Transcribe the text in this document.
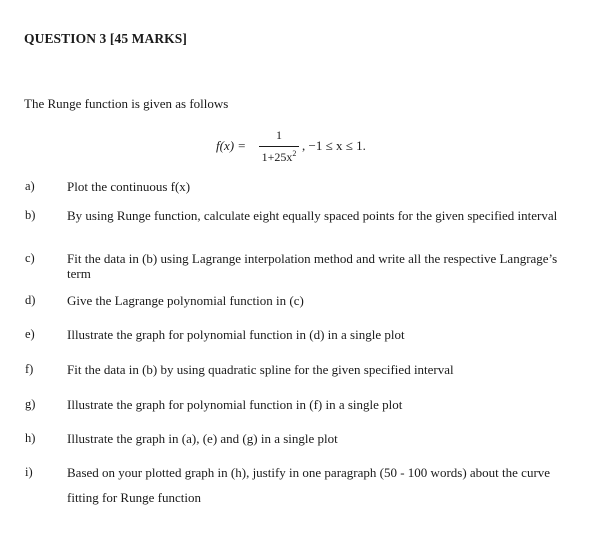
QUESTION 3 [45 MARKS]
The Runge function is given as follows
f(x) =
1
$1+25x^2$
, −1 ≤ x ≤ 1.
a) Plot the continuous f(x)
b) By using Runge function, calculate eight equally spaced points for the given specified interval
c) Fit the data in (b) using Lagrange interpolation method and write all the respective Langrage’s term
d) Give the Lagrange polynomial function in (c)
e) Illustrate the graph for polynomial function in (d) in a single plot
f)	Fit the data in (b) by using quadratic spline for the given specified interval
g) Illustrate the graph for polynomial function in (f) in a single plot
h) Illustrate the graph in (a), (e) and (g) in a single plot
i)	Based on your plotted graph in (h), justify in one paragraph (50 - 100 words) about the curve fitting for Runge function
